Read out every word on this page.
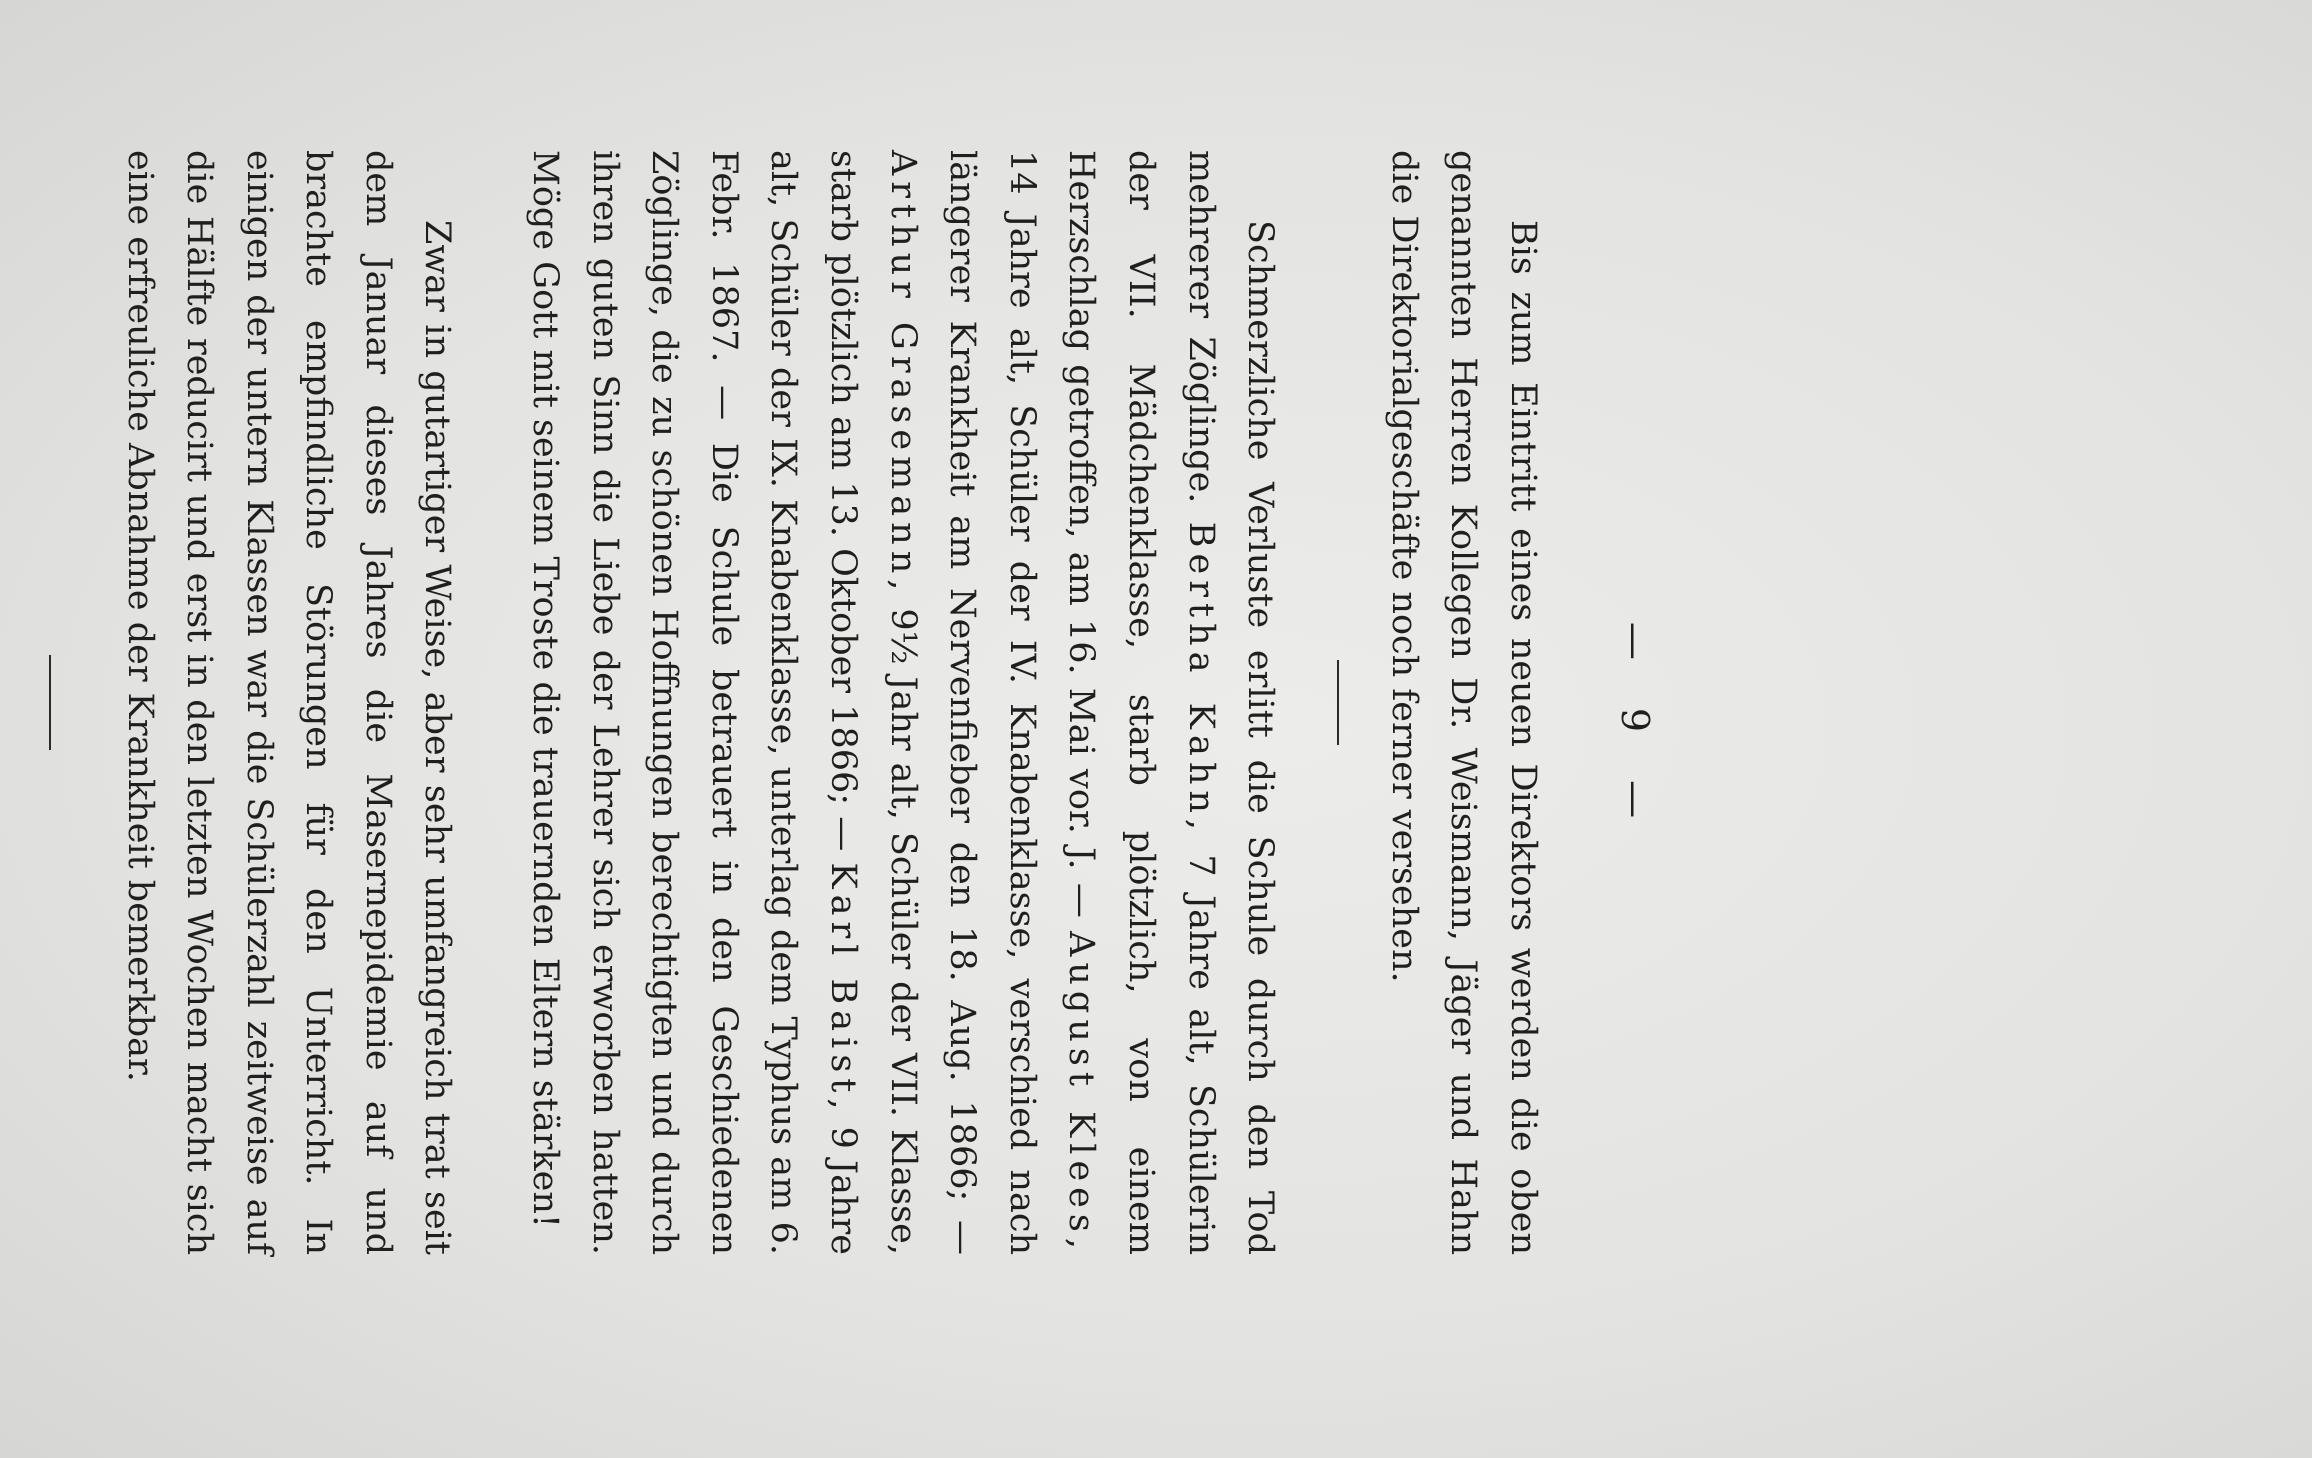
— 9 —

Bis zum Eintritt eines neuen Direktors werden die oben genannten Herren Kollegen Dr. Weismann, Jäger und Hahn die Direktorialgeschäfte noch ferner versehen.

Schmerzliche Verluste erlitt die Schule durch den Tod mehrerer Zöglinge. Bertha Kahn, 7 Jahre alt, Schülerin der VII. Mädchenklasse, starb plötzlich, von einem Herzschlag getroffen, am 16. Mai vor. J. — August Klees, 14 Jahre alt, Schüler der IV. Knabenklasse, verschied nach längerer Krankheit am Nervenfieber den 18. Aug. 1866; — Arthur Grasemann, 9½ Jahr alt, Schüler der VII. Klasse, starb plötzlich am 13. Oktober 1866; — Karl Baist, 9 Jahre alt, Schüler der IX. Knabenklasse, unterlag dem Typhus am 6. Febr. 1867. — Die Schule betrauert in den Geschiedenen Zöglinge, die zu schönen Hoffnungen berechtigten und durch ihren guten Sinn die Liebe der Lehrer sich erworben hatten. Möge Gott mit seinem Troste die trauernden Eltern stärken!

Zwar in gutartiger Weise, aber sehr umfangreich trat seit dem Januar dieses Jahres die Masernepidemie auf und brachte empfindliche Störungen für den Unterricht. In einigen der untern Klassen war die Schülerzahl zeitweise auf die Hälfte reducirt und erst in den letzten Wochen macht sich eine erfreuliche Abnahme der Krankheit bemerkbar.
